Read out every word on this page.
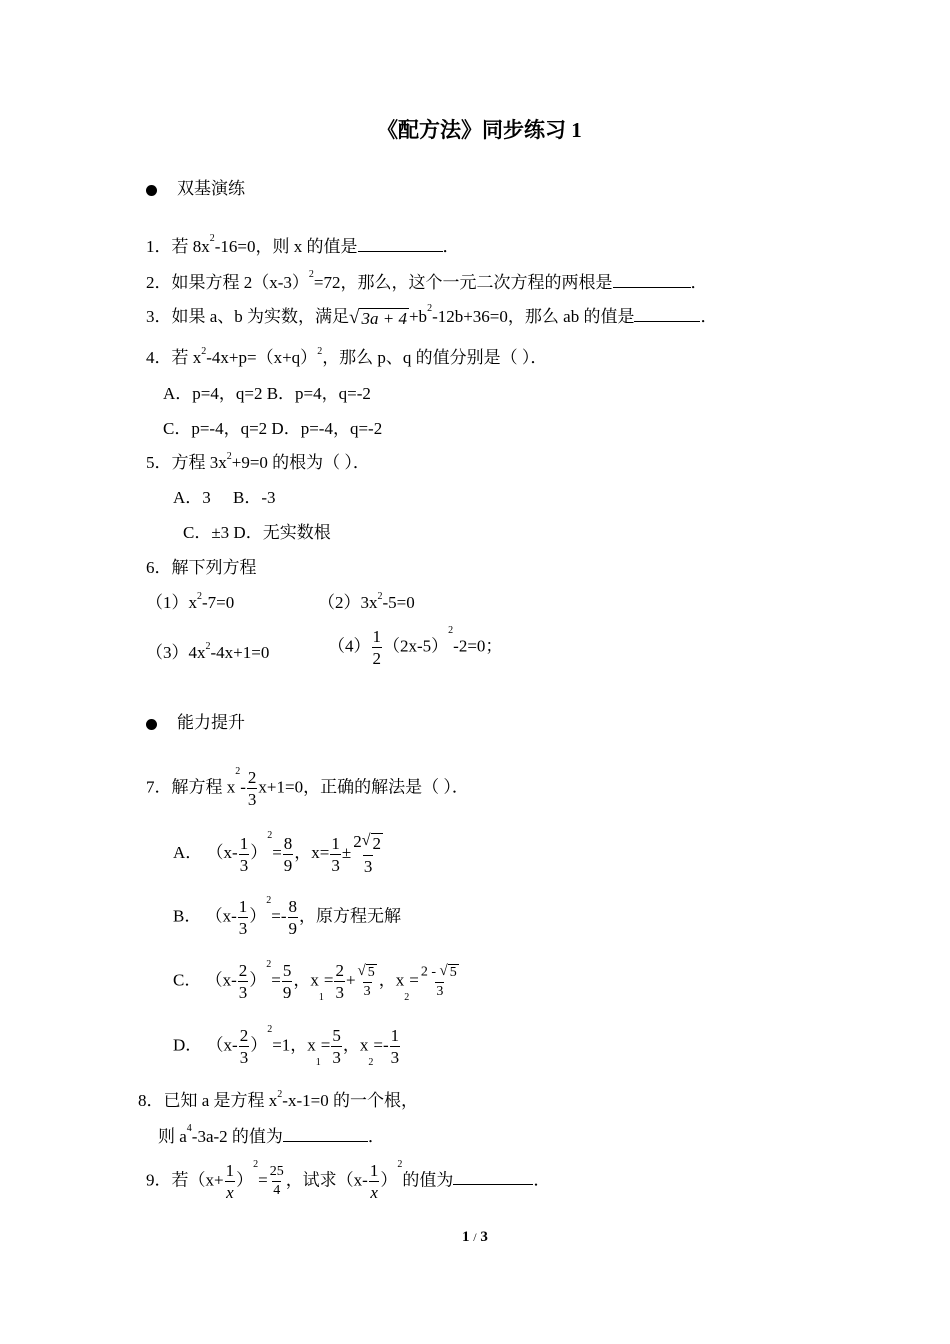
《配方法》同步练习 1
双基演练
1．若 $8x^2-16=0$，则 x 的值是	．
2．如果方程 $2(x-3)^2=72$，那么，这个一元二次方程的两根是	．
3．如果 a、b 为实数，满足 √ $3a + 4 +b^2-12b+36=0$，那么 ab 的值是	．
4．若 $x^2-4x+p=(x+q)^2$，那么 p、q 的值分别是（ ）．
A．p=4，q=2 B．p=4，q=-2
C．p=-4，q=2 D．p=-4，q=-2
5．方程 $3x^2+9=0$ 的根为（ ）．
A．3 B．-3
C．±3 D．无实数根
6．解下列方程
$(1)x^2-7=0$	$(2)3x^2-5=0$
$(3)4x^2-4x+1=0$	$(4) \frac{1}{2} (2x-5)^2-2=0$；
能力提升
7．解方程 $x^2- \frac{2}{3} x+1=0$，正确的解法是（ ）．
A． $(x- \frac{1}{3} )^2= \frac{8}{9}$ ，$x= \frac{1}{3} \pm \frac{2 √ 2}{3}$
B． $(x- \frac{1}{3} )^2=- \frac{8}{9}$ ，原方程无解
C． $(x- \frac{2}{3} )^2= \frac{5}{9}$ ，$x_1= \frac{2}{3} + \frac{√ 5}{3}$ ，$x_2= \frac{2 - √ 5}{3}$
D． $(x- \frac{2}{3} )^2=1$，$x_1= \frac{5}{3}$ ，$x_2=- \frac{1}{3}$
8．已知 a 是方程 $x^2-x-1=0$ 的一个根，
则 $a^4-3a-2$ 的值为	．
9．若$(x+ \frac{1}{x} )^2= \frac{25}{4}$ ，试求$(x- \frac{1}{x} )^2$的值为	．
1 / 3
